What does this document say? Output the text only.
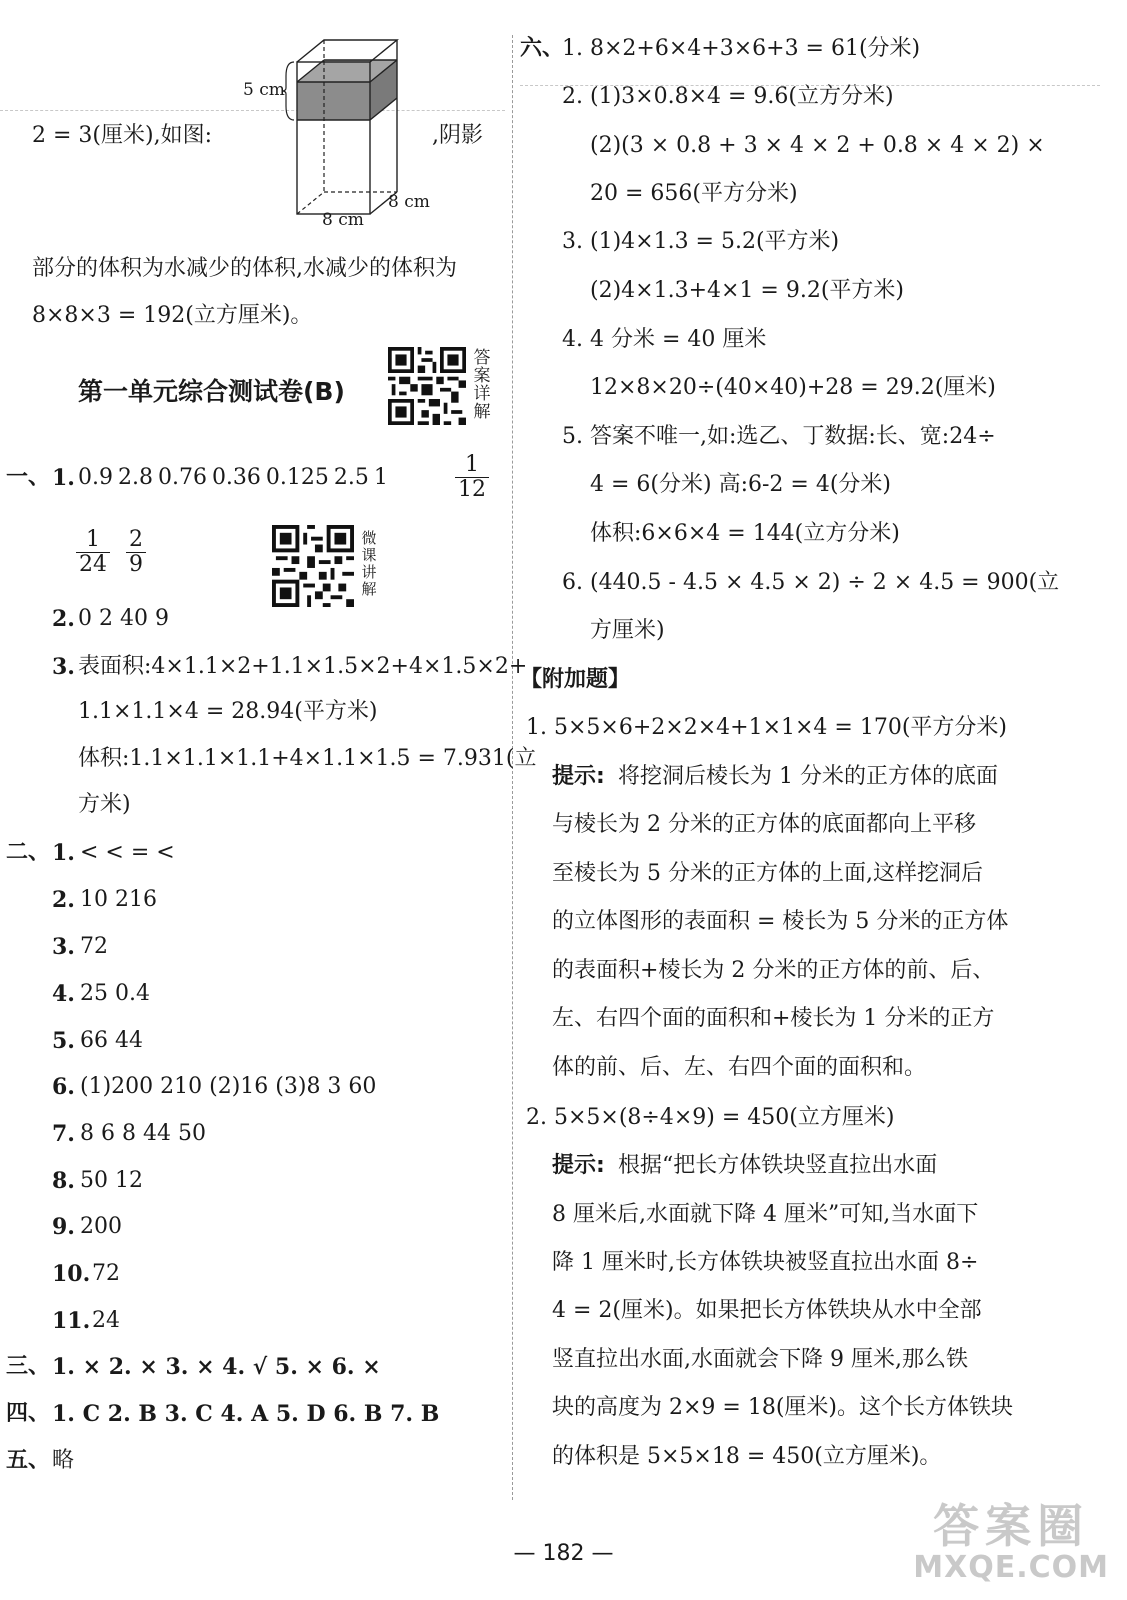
5 cm
8 cm
8 cm
2 = 3(厘米),如图:	,阴影
部分的体积为水减少的体积,水减少的体积为
8×8×3 = 192(立方厘米)。
第一单元综合测试卷(B)
答案详解
一、 1. 0.9 2.8 0.76 0.36 0.125 2.5 1	$\frac{1}{12}$
$\frac{1}{24} \frac{2}{9}$	微课讲解
2. 0 2 40 9
3. 表面积:4×1.1×2+1.1×1.5×2+4×1.5×2+
1.1×1.1×4 = 28.94(平方米)
体积:1.1×1.1×1.1+4×1.1×1.5 = 7.931(立
方米)
二、 1. < < = <
2. 10 216
3. 72
4. 25 0.4
5. 66 44
6. (1)200 210 (2)16 (3)8 3 60
7. 8 6 8 44 50
8. 50 12
9. 200
10. 72
11. 24
三、 1. × 2. × 3. × 4. √ 5. × 6. ×
四、 1. C 2. B 3. C 4. A 5. D 6. B 7. B
五、 略
六、
1. 8×2+6×4+3×6+3 = 61(分米)
2. (1)3×0.8×4 = 9.6(立方分米)
(2)(3 × 0.8 + 3 × 4 × 2 + 0.8 × 4 × 2) ×
20 = 656(平方分米)
3. (1)4×1.3 = 5.2(平方米)
(2)4×1.3+4×1 = 9.2(平方米)
4. 4 分米 = 40 厘米
12×8×20÷(40×40)+28 = 29.2(厘米)
5. 答案不唯一,如:选乙、丁数据:长、宽:24÷
4 = 6(分米) 高:6-2 = 4(分米)
体积:6×6×4 = 144(立方分米)
6. (440.5 - 4.5 × 4.5 × 2) ÷ 2 × 4.5 = 900(立
方厘米)
【附加题】
1. 5×5×6+2×2×4+1×1×4 = 170(平方分米)
提示: 将挖洞后棱长为 1 分米的正方体的底面
与棱长为 2 分米的正方体的底面都向上平移
至棱长为 5 分米的正方体的上面,这样挖洞后
的立体图形的表面积 = 棱长为 5 分米的正方体
的表面积+棱长为 2 分米的正方体的前、后、
左、右四个面的面积和+棱长为 1 分米的正方
体的前、后、左、右四个面的面积和。
2. 5×5×(8÷4×9) = 450(立方厘米)
提示: 根据“把长方体铁块竖直拉出水面
8 厘米后,水面就下降 4 厘米”可知,当水面下
降 1 厘米时,长方体铁块被竖直拉出水面 8÷
4 = 2(厘米)。如果把长方体铁块从水中全部
竖直拉出水面,水面就会下降 9 厘米,那么铁
块的高度为 2×9 = 18(厘米)。这个长方体铁块
的体积是 5×5×18 = 450(立方厘米)。
— 182 —
答案圈
MXQE.COM
